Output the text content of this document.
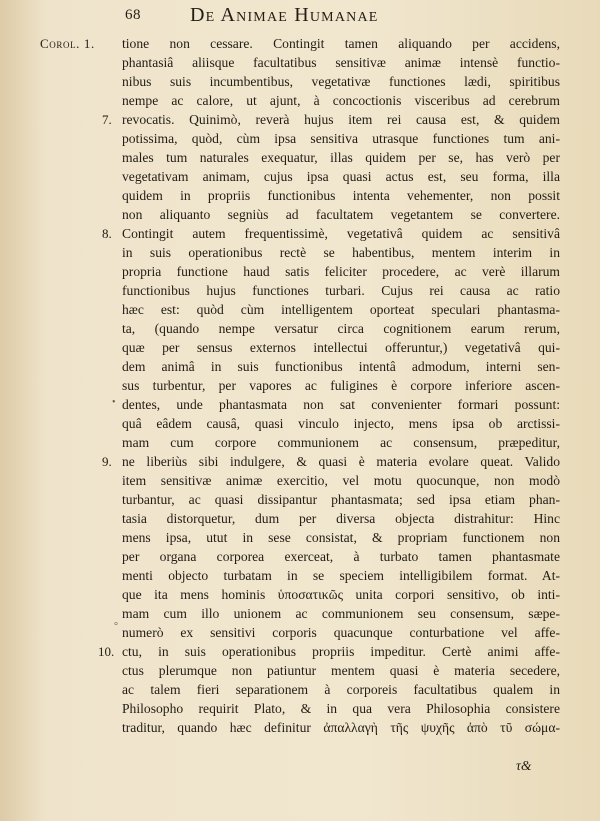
68 De Animae Humanae
Corol. 1.
7.
8.
9.
10.
tione non cessare. Contingit tamen aliquando per accidens,
phantasiâ aliisque facultatibus sensitivæ animæ intensè functio-
nibus suis incumbentibus, vegetativæ functiones lædi, spiritibus
nempe ac calore, ut ajunt, à concoctionis visceribus ad cerebrum
revocatis. Quinimò, reverà hujus item rei causa est, & quidem
potissima, quòd, cùm ipsa sensitiva utrasque functiones tum ani-
males tum naturales exequatur, illas quidem per se, has verò per
vegetativam animam, cujus ipsa quasi actus est, seu forma, illa
quidem in propriis functionibus intenta vehementer, non possit
non aliquanto segniùs ad facultatem vegetantem se convertere.
Contingit autem frequentissimè, vegetativâ quidem ac sensitivâ
in suis operationibus rectè se habentibus, mentem interim in
propria functione haud satis feliciter procedere, ac verè illarum
functionibus hujus functiones turbari. Cujus rei causa ac ratio
hæc est: quòd cùm intelligentem oporteat speculari phantasma-
ta, (quando nempe versatur circa cognitionem earum rerum,
quæ per sensus externos intellectui offeruntur,) vegetativâ qui-
dem animâ in suis functionibus intentâ admodum, interni sen-
sus turbentur, per vapores ac fuligines è corpore inferiore ascen-
dentes, unde phantasmata non sat convenienter formari possunt:
quâ eâdem causâ, quasi vinculo injecto, mens ipsa ob arctissi-
mam cum corpore communionem ac consensum, præpeditur,
ne liberiùs sibi indulgere, & quasi è materia evolare queat. Valido
item sensitivæ animæ exercitio, vel motu quocunque, non modò
turbantur, ac quasi dissipantur phantasmata; sed ipsa etiam phan-
tasia distorquetur, dum per diversa objecta distrahitur: Hinc
mens ipsa, utut in sese consistat, & propriam functionem non
per organa corporea exerceat, à turbato tamen phantasmate
menti objecto turbatam in se speciem intelligibilem format. At-
que ita mens hominis ὑποσατικῶς unita corpori sensitivo, ob inti-
mam cum illo unionem ac communionem seu consensum, sæpe-
numerò ex sensitivi corporis quacunque conturbatione vel affe-
ctu, in suis operationibus propriis impeditur. Certè animi affe-
ctus plerumque non patiuntur mentem quasi è materia secedere,
ac talem fieri separationem à corporeis facultatibus qualem in
Philosopho requirit Plato, & in qua vera Philosophia consistere
traditur, quando hæc definitur ἀπαλλαγὴ τῆς ψυχῆς ἀπὸ τῦ σώμα-
τ&
•
°
